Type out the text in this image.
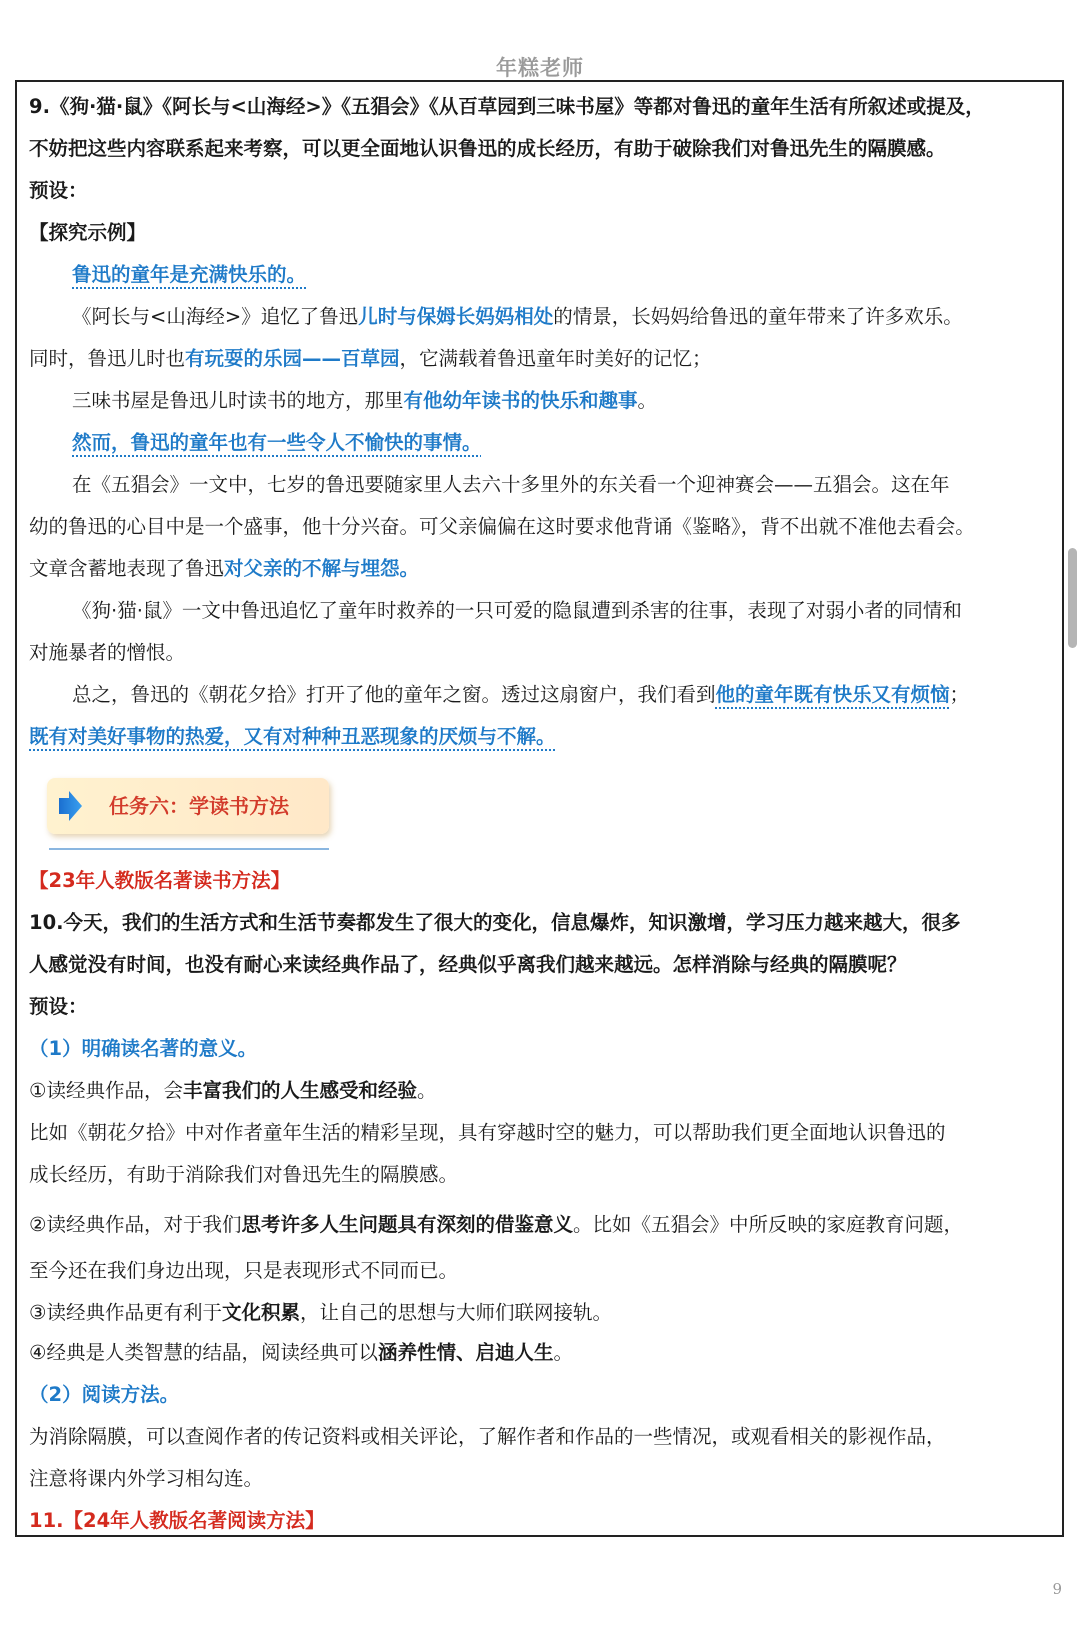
年糕老师

9.《狗·猫·鼠》《阿长与<山海经>》《五猖会》《从百草园到三味书屋》等都对鲁迅的童年生活有所叙述或提及，

不妨把这些内容联系起来考察，可以更全面地认识鲁迅的成长经历，有助于破除我们对鲁迅先生的隔膜感。

预设：

【探究示例】

鲁迅的童年是充满快乐的。

《阿长与<山海经>》追忆了鲁迅儿时与保姆长妈妈相处的情景，长妈妈给鲁迅的童年带来了许多欢乐。

同时，鲁迅儿时也有玩耍的乐园——百草园，它满载着鲁迅童年时美好的记忆；

三味书屋是鲁迅儿时读书的地方，那里有他幼年读书的快乐和趣事。

然而，鲁迅的童年也有一些令人不愉快的事情。

在《五猖会》一文中，七岁的鲁迅要随家里人去六十多里外的东关看一个迎神赛会——五猖会。这在年

幼的鲁迅的心目中是一个盛事，他十分兴奋。可父亲偏偏在这时要求他背诵《鉴略》，背不出就不准他去看会。

文章含蓄地表现了鲁迅对父亲的不解与埋怨。

《狗·猫·鼠》一文中鲁迅追忆了童年时救养的一只可爱的隐鼠遭到杀害的往事，表现了对弱小者的同情和

对施暴者的憎恨。

总之，鲁迅的《朝花夕拾》打开了他的童年之窗。透过这扇窗户，我们看到他的童年既有快乐又有烦恼；

既有对美好事物的热爱，又有对种种丑恶现象的厌烦与不解。

任务六：学读书方法

【23年人教版名著读书方法】

10.今天，我们的生活方式和生活节奏都发生了很大的变化，信息爆炸，知识激增，学习压力越来越大，很多

人感觉没有时间，也没有耐心来读经典作品了，经典似乎离我们越来越远。怎样消除与经典的隔膜呢？

预设：

（1）明确读名著的意义。

①读经典作品，会丰富我们的人生感受和经验。

比如《朝花夕拾》中对作者童年生活的精彩呈现，具有穿越时空的魅力，可以帮助我们更全面地认识鲁迅的

成长经历，有助于消除我们对鲁迅先生的隔膜感。

②读经典作品，对于我们思考许多人生问题具有深刻的借鉴意义。比如《五猖会》中所反映的家庭教育问题，

至今还在我们身边出现，只是表现形式不同而已。

③读经典作品更有利于文化积累，让自己的思想与大师们联网接轨。

④经典是人类智慧的结晶，阅读经典可以涵养性情、启迪人生。

（2）阅读方法。

为消除隔膜，可以查阅作者的传记资料或相关评论，了解作者和作品的一些情况，或观看相关的影视作品，

注意将课内外学习相勾连。

11.【24年人教版名著阅读方法】

9
